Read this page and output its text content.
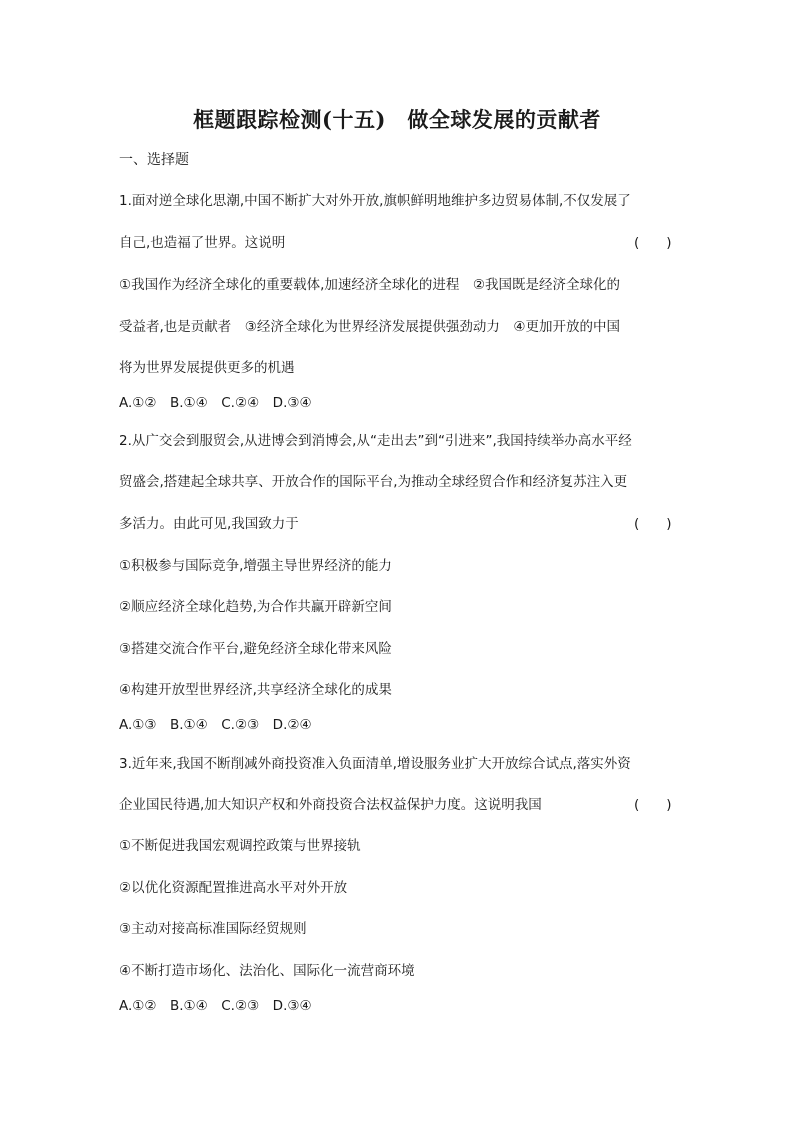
框题跟踪检测(十五)　做全球发展的贡献者
一、选择题
1.面对逆全球化思潮,中国不断扩大对外开放,旗帜鲜明地维护多边贸易体制,不仅发展了
自己,也造福了世界。这说明	(　　)
①我国作为经济全球化的重要载体,加速经济全球化的进程　②我国既是经济全球化的
受益者,也是贡献者　③经济全球化为世界经济发展提供强劲动力　④更加开放的中国
将为世界发展提供更多的机遇
A.①②　B.①④　C.②④　D.③④
2.从广交会到服贸会,从进博会到消博会,从“走出去”到“引进来”,我国持续举办高水平经
贸盛会,搭建起全球共享、开放合作的国际平台,为推动全球经贸合作和经济复苏注入更
多活力。由此可见,我国致力于	(　　)
①积极参与国际竞争,增强主导世界经济的能力
②顺应经济全球化趋势,为合作共赢开辟新空间
③搭建交流合作平台,避免经济全球化带来风险
④构建开放型世界经济,共享经济全球化的成果
A.①③　B.①④　C.②③　D.②④
3.近年来,我国不断削减外商投资准入负面清单,增设服务业扩大开放综合试点,落实外资
企业国民待遇,加大知识产权和外商投资合法权益保护力度。这说明我国	(　　)
①不断促进我国宏观调控政策与世界接轨
②以优化资源配置推进高水平对外开放
③主动对接高标准国际经贸规则
④不断打造市场化、法治化、国际化一流营商环境
A.①②　B.①④　C.②③　D.③④
